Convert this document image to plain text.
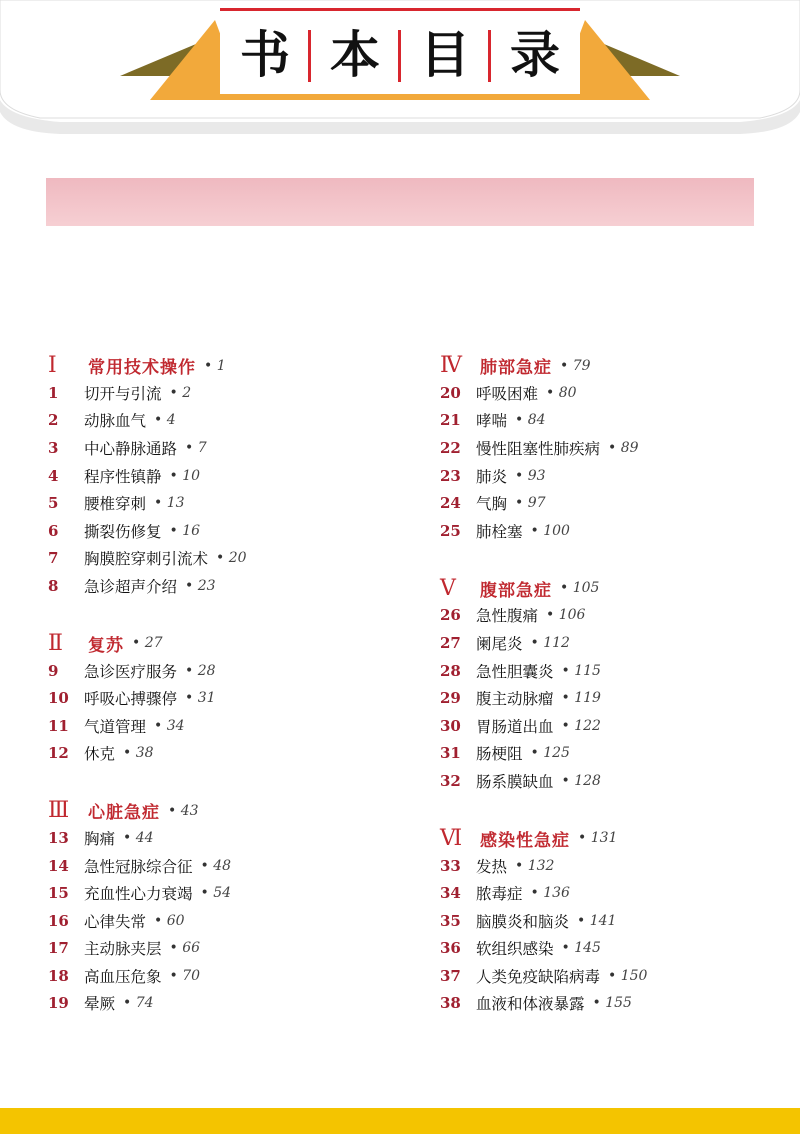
书 本 目 录
Ⅰ	常用技术操作	• 1
1	切开与引流	• 2
2	动脉血气	• 4
3	中心静脉通路	• 7
4	程序性镇静	• 10
5	腰椎穿刺	• 13
6	撕裂伤修复	• 16
7	胸膜腔穿刺引流术	• 20
8	急诊超声介绍	• 23
Ⅱ	复苏	• 27
9	急诊医疗服务	• 28
10 呼吸心搏骤停	• 31
11 气道管理	• 34
12 休克	• 38
Ⅲ	心脏急症	• 43
13 胸痛	• 44
14 急性冠脉综合征	• 48
15 充血性心力衰竭	• 54
16 心律失常	• 60
17 主动脉夹层	• 66
18 高血压危象	• 70
19 晕厥	• 74
Ⅳ	肺部急症	• 79
20 呼吸困难	• 80
21 哮喘	• 84
22 慢性阻塞性肺疾病	• 89
23 肺炎	• 93
24 气胸	• 97
25 肺栓塞	• 100
Ⅴ	腹部急症	• 105
26 急性腹痛	• 106
27 阑尾炎	• 112
28 急性胆囊炎	• 115
29 腹主动脉瘤	• 119
30 胃肠道出血	• 122
31 肠梗阻	• 125
32 肠系膜缺血	• 128
Ⅵ	感染性急症	• 131
33 发热	• 132
34 脓毒症	• 136
35 脑膜炎和脑炎	• 141
36 软组织感染	• 145
37 人类免疫缺陷病毒	• 150
38 血液和体液暴露	• 155
